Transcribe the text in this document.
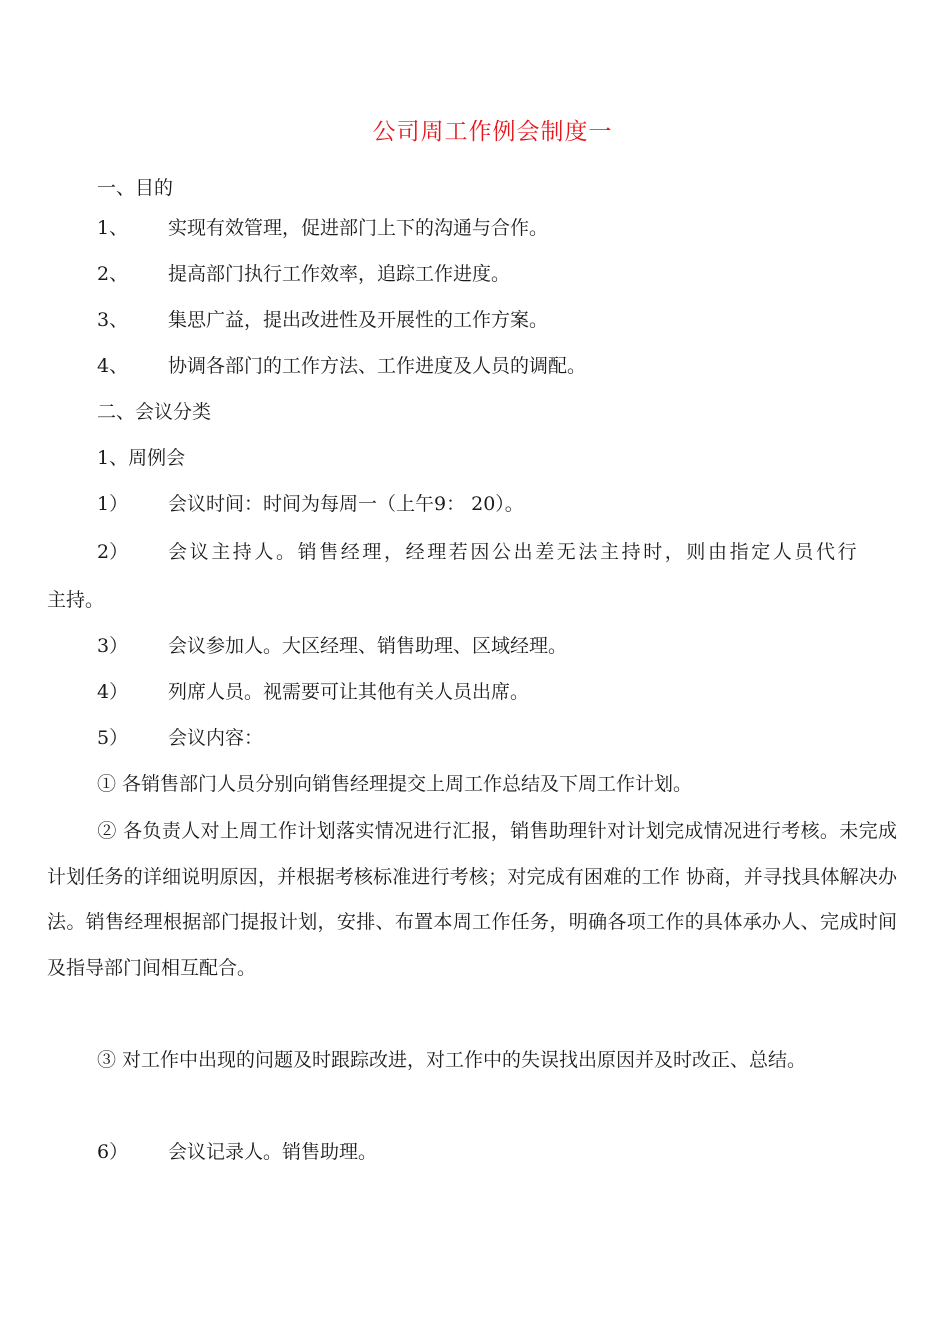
公司周工作例会制度一
一、目的
1、 实现有效管理，促进部门上下的沟通与合作。
2、 提高部门执行工作效率，追踪工作进度。
3、 集思广益，提出改进性及开展性的工作方案。
4、 协调各部门的工作方法、工作进度及人员的调配。
二、会议分类
1、周例会
1） 会议时间：时间为每周一（上午9： 20）。
2） 会议主持人。销售经理，经理若因公出差无法主持时，则由指定人员代行
主持。
3） 会议参加人。大区经理、销售助理、区域经理。
4） 列席人员。视需要可让其他有关人员出席。
5） 会议内容：
① 各销售部门人员分别向销售经理提交上周工作总结及下周工作计划。
② 各负责人对上周工作计划落实情况进行汇报，销售助理针对计划完成情况进行考核。未完成计划任务的详细说明原因，并根据考核标准进行考核；对完成有困难的工作 协商，并寻找具体解决办法。销售经理根据部门提报计划，安排、布置本周工作任务，明确各项工作的具体承办人、完成时间及指导部门间相互配合。
③ 对工作中出现的问题及时跟踪改进，对工作中的失误找出原因并及时改正、总结。
6） 会议记录人。销售助理。
